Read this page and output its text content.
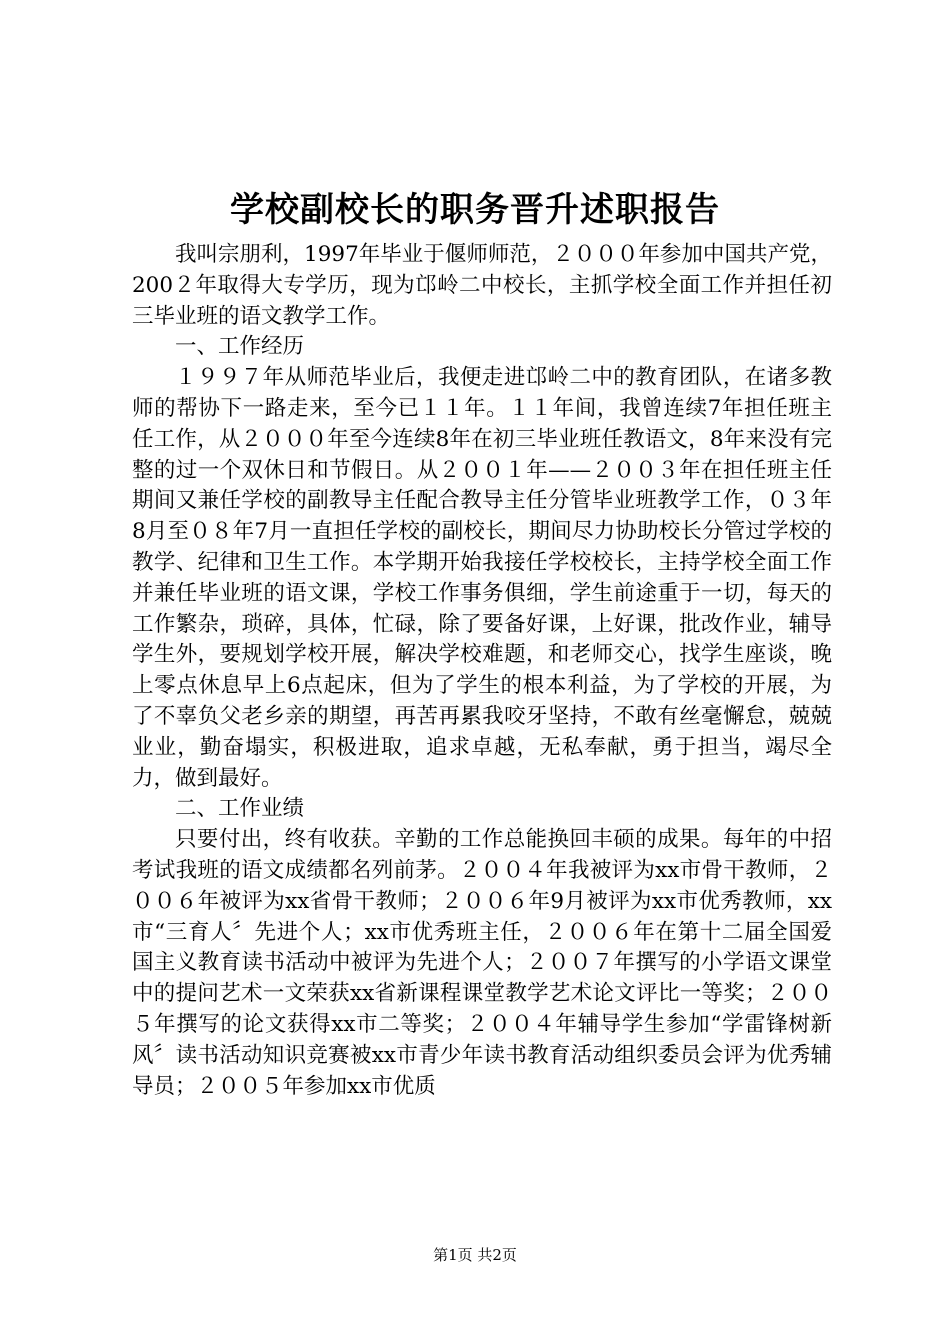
学校副校长的职务晋升述职报告

我叫宗朋利，1997年毕业于偃师师范，２０００年参加中国共产党，200２年取得大专学历，现为邙岭二中校长，主抓学校全面工作并担任初三毕业班的语文教学工作。

一、工作经历

１９９７年从师范毕业后，我便走进邙岭二中的教育团队，在诸多教师的帮协下一路走来，至今已１１年。１１年间，我曾连续7年担任班主任工作，从２０００年至今连续8年在初三毕业班任教语文，8年来没有完整的过一个双休日和节假日。从２００１年——２００３年在担任班主任期间又兼任学校的副教导主任配合教导主任分管毕业班教学工作，０３年8月至０８年7月一直担任学校的副校长，期间尽力协助校长分管过学校的教学、纪律和卫生工作。本学期开始我接任学校校长，主持学校全面工作并兼任毕业班的语文课，学校工作事务俱细，学生前途重于一切，每天的工作繁杂，琐碎，具体，忙碌，除了要备好课，上好课，批改作业，辅导学生外，要规划学校开展，解决学校难题，和老师交心，找学生座谈，晚上零点休息早上6点起床，但为了学生的根本利益，为了学校的开展，为了不辜负父老乡亲的期望，再苦再累我咬牙坚持，不敢有丝毫懈怠，兢兢业业，勤奋塌实，积极进取，追求卓越，无私奉献，勇于担当，竭尽全力，做到最好。

二、工作业绩

只要付出，终有收获。辛勤的工作总能换回丰硕的成果。每年的中招考试我班的语文成绩都名列前茅。２００４年我被评为xx市骨干教师，２００６年被评为xx省骨干教师；２００６年9月被评为xx市优秀教师，xx市“三育人〞先进个人；xx市优秀班主任，２００６年在第十二届全国爱国主义教育读书活动中被评为先进个人；２００７年撰写的小学语文课堂中的提问艺术一文荣获xx省新课程课堂教学艺术论文评比一等奖；２００５年撰写的论文获得xx市二等奖；２００４年辅导学生参加“学雷锋树新风〞读书活动知识竞赛被xx市青少年读书教育活动组织委员会评为优秀辅导员；２００５年参加xx市优质

第1页 共2页
